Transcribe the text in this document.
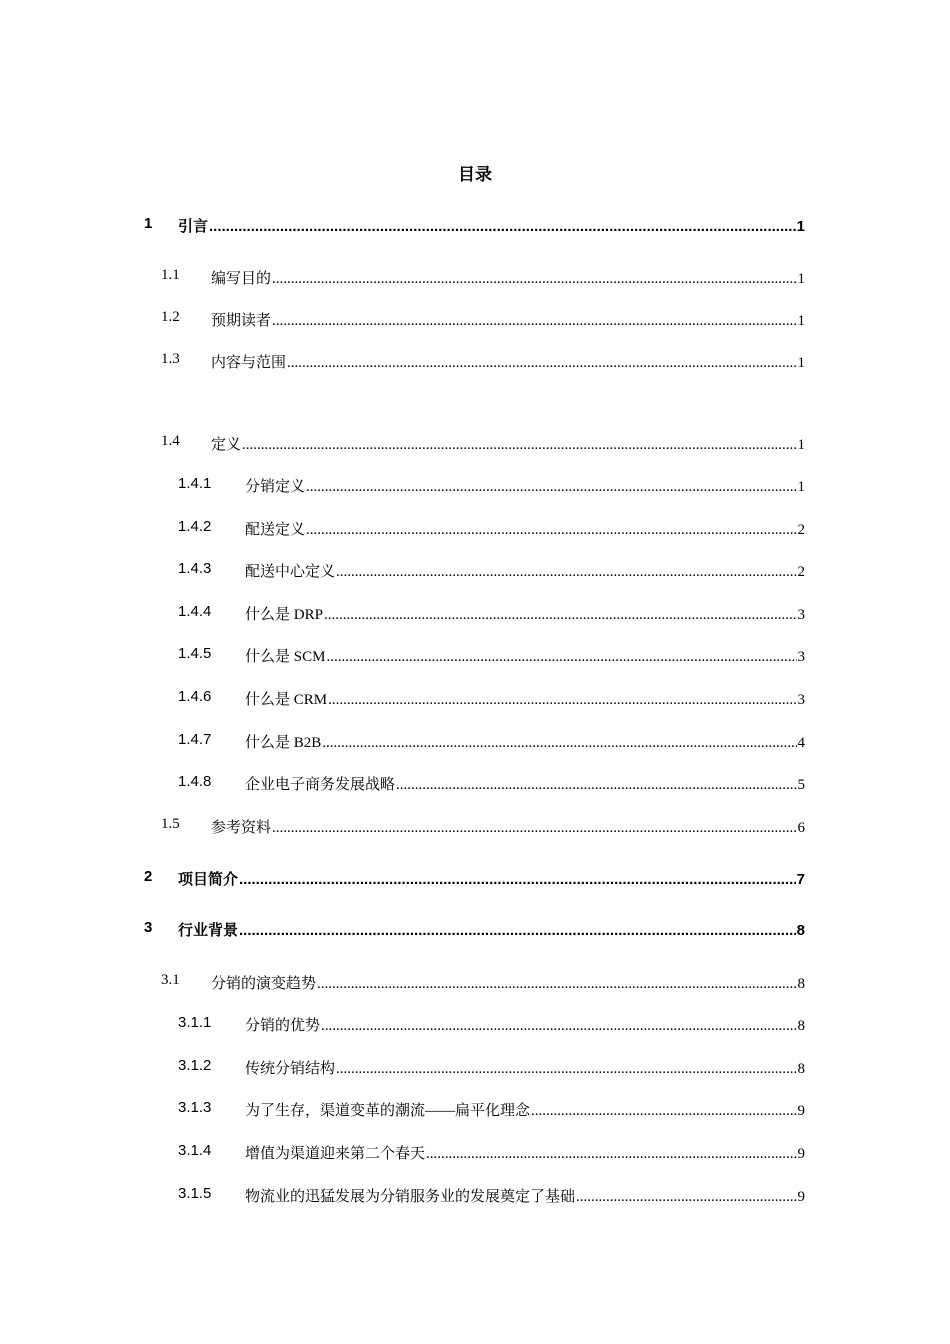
目录
1 引言 .....	1
1.1 编写目的 .....	1
1.2 预期读者 .....	1
1.3 内容与范围 .....	1
1.4 定义 .....	1
1.4.1 分销定义 .....	1
1.4.2 配送定义 .....	2
1.4.3 配送中心定义 .....	2
1.4.4 什么是 DRP .....	3
1.4.5 什么是 SCM .....	3
1.4.6 什么是 CRM .....	3
1.4.7 什么是 B2B .....	4
1.4.8 企业电子商务发展战略 .....	5
1.5 参考资料 .....	6
2 项目简介 .....	7
3 行业背景 .....	8
3.1 分销的演变趋势 .....	8
3.1.1 分销的优势 .....	8
3.1.2 传统分销结构 .....	8
3.1.3 为了生存，渠道变革的潮流——扁平化理念 .....	9
3.1.4 增值为渠道迎来第二个春天 .....	9
3.1.5 物流业的迅猛发展为分销服务业的发展奠定了基础 .....	9
